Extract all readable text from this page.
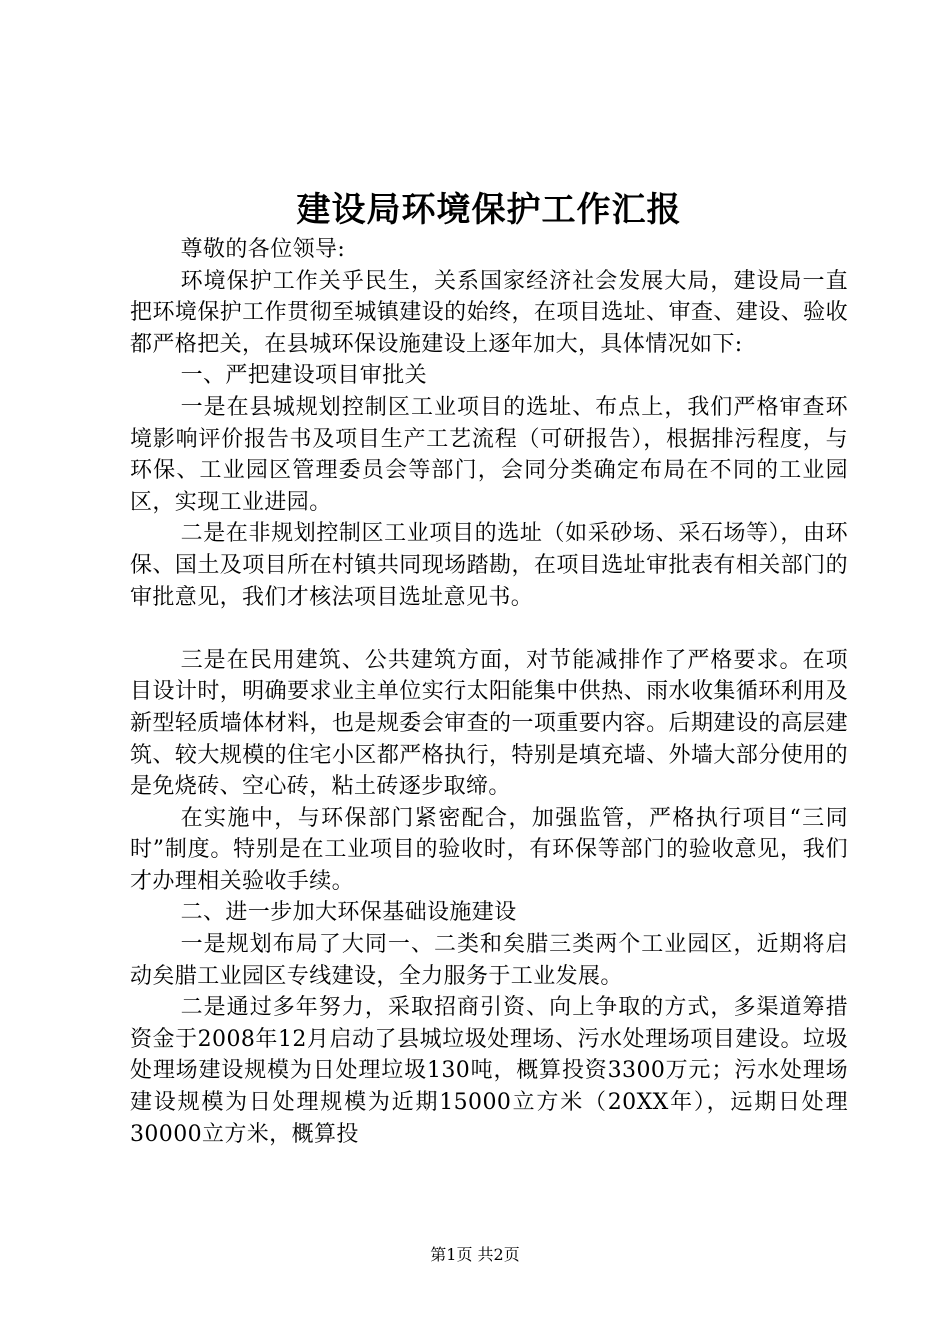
建设局环境保护工作汇报

尊敬的各位领导:

环境保护工作关乎民生，关系国家经济社会发展大局，建设局一直把环境保护工作贯彻至城镇建设的始终，在项目选址、审查、建设、验收都严格把关，在县城环保设施建设上逐年加大，具体情况如下:

一、严把建设项目审批关

一是在县城规划控制区工业项目的选址、布点上，我们严格审查环境影响评价报告书及项目生产工艺流程（可研报告），根据排污程度，与环保、工业园区管理委员会等部门，会同分类确定布局在不同的工业园区，实现工业进园。

二是在非规划控制区工业项目的选址（如采砂场、采石场等），由环保、国土及项目所在村镇共同现场踏勘，在项目选址审批表有相关部门的审批意见，我们才核法项目选址意见书。

三是在民用建筑、公共建筑方面，对节能减排作了严格要求。在项目设计时，明确要求业主单位实行太阳能集中供热、雨水收集循环利用及新型轻质墙体材料，也是规委会审查的一项重要内容。后期建设的高层建筑、较大规模的住宅小区都严格执行，特别是填充墙、外墙大部分使用的是免烧砖、空心砖，粘土砖逐步取缔。

在实施中，与环保部门紧密配合，加强监管，严格执行项目“三同时”制度。特别是在工业项目的验收时，有环保等部门的验收意见，我们才办理相关验收手续。

二、进一步加大环保基础设施建设

一是规划布局了大同一、二类和矣腊三类两个工业园区，近期将启动矣腊工业园区专线建设，全力服务于工业发展。

二是通过多年努力，采取招商引资、向上争取的方式，多渠道筹措资金于2008年12月启动了县城垃圾处理场、污水处理场项目建设。垃圾处理场建设规模为日处理垃圾130吨，概算投资3300万元；污水处理场建设规模为日处理规模为近期15000立方米（20XX年），远期日处理30000立方米，概算投

第1页 共2页
